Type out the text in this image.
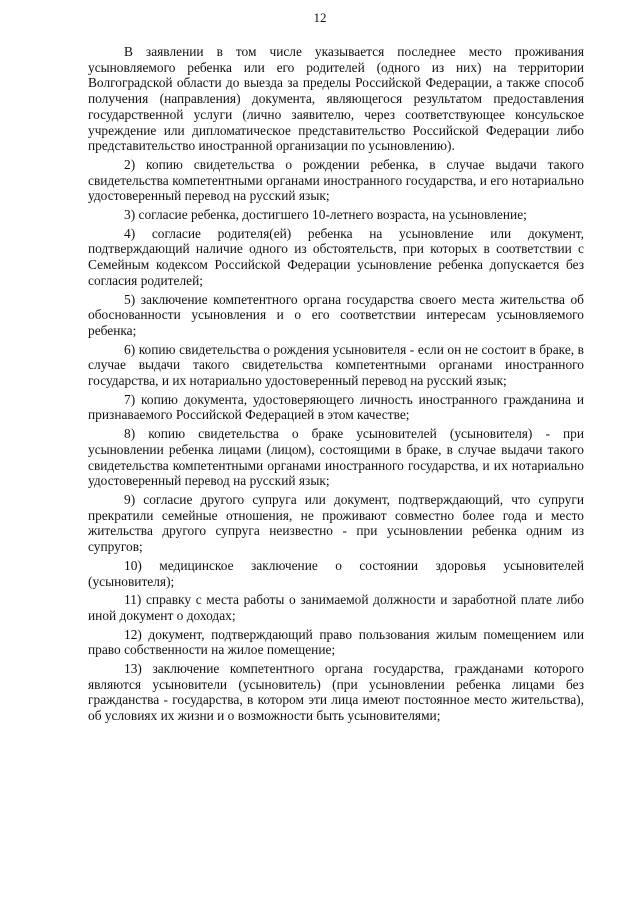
12

В заявлении в том числе указывается последнее место проживания усыновляемого ребенка или его родителей (одного из них) на территории Волгоградской области до выезда за пределы Российской Федерации, а также способ получения (направления) документа, являющегося результатом предоставления государственной услуги (лично заявителю, через соответствующее консульское учреждение или дипломатическое представительство Российской Федерации либо представительство иностранной организации по усыновлению).

2) копию свидетельства о рождении ребенка, в случае выдачи такого свидетельства компетентными органами иностранного государства, и его нотариально удостоверенный перевод на русский язык;

3) согласие ребенка, достигшего 10-летнего возраста, на усыновление;

4) согласие родителя(ей) ребенка на усыновление или документ, подтверждающий наличие одного из обстоятельств, при которых в соответствии с Семейным кодексом Российской Федерации усыновление ребенка допускается без согласия родителей;

5) заключение компетентного органа государства своего места жительства об обоснованности усыновления и о его соответствии интересам усыновляемого ребенка;

6) копию свидетельства о рождения усыновителя - если он не состоит в браке, в случае выдачи такого свидетельства компетентными органами иностранного государства, и их нотариально удостоверенный перевод на русский язык;

7) копию документа, удостоверяющего личность иностранного гражданина и признаваемого Российской Федерацией в этом качестве;

8) копию свидетельства о браке усыновителей (усыновителя) - при усыновлении ребенка лицами (лицом), состоящими в браке, в случае выдачи такого свидетельства компетентными органами иностранного государства, и их нотариально удостоверенный перевод на русский язык;

9) согласие другого супруга или документ, подтверждающий, что супруги прекратили семейные отношения, не проживают совместно более года и место жительства другого супруга неизвестно - при усыновлении ребенка одним из супругов;

10) медицинское заключение о состоянии здоровья усыновителей (усыновителя);

11) справку с места работы о занимаемой должности и заработной плате либо иной документ о доходах;

12) документ, подтверждающий право пользования жилым помещением или право собственности на жилое помещение;

13) заключение компетентного органа государства, гражданами которого являются усыновители (усыновитель) (при усыновлении ребенка лицами без гражданства - государства, в котором эти лица имеют постоянное место жительства), об условиях их жизни и о возможности быть усыновителями;
